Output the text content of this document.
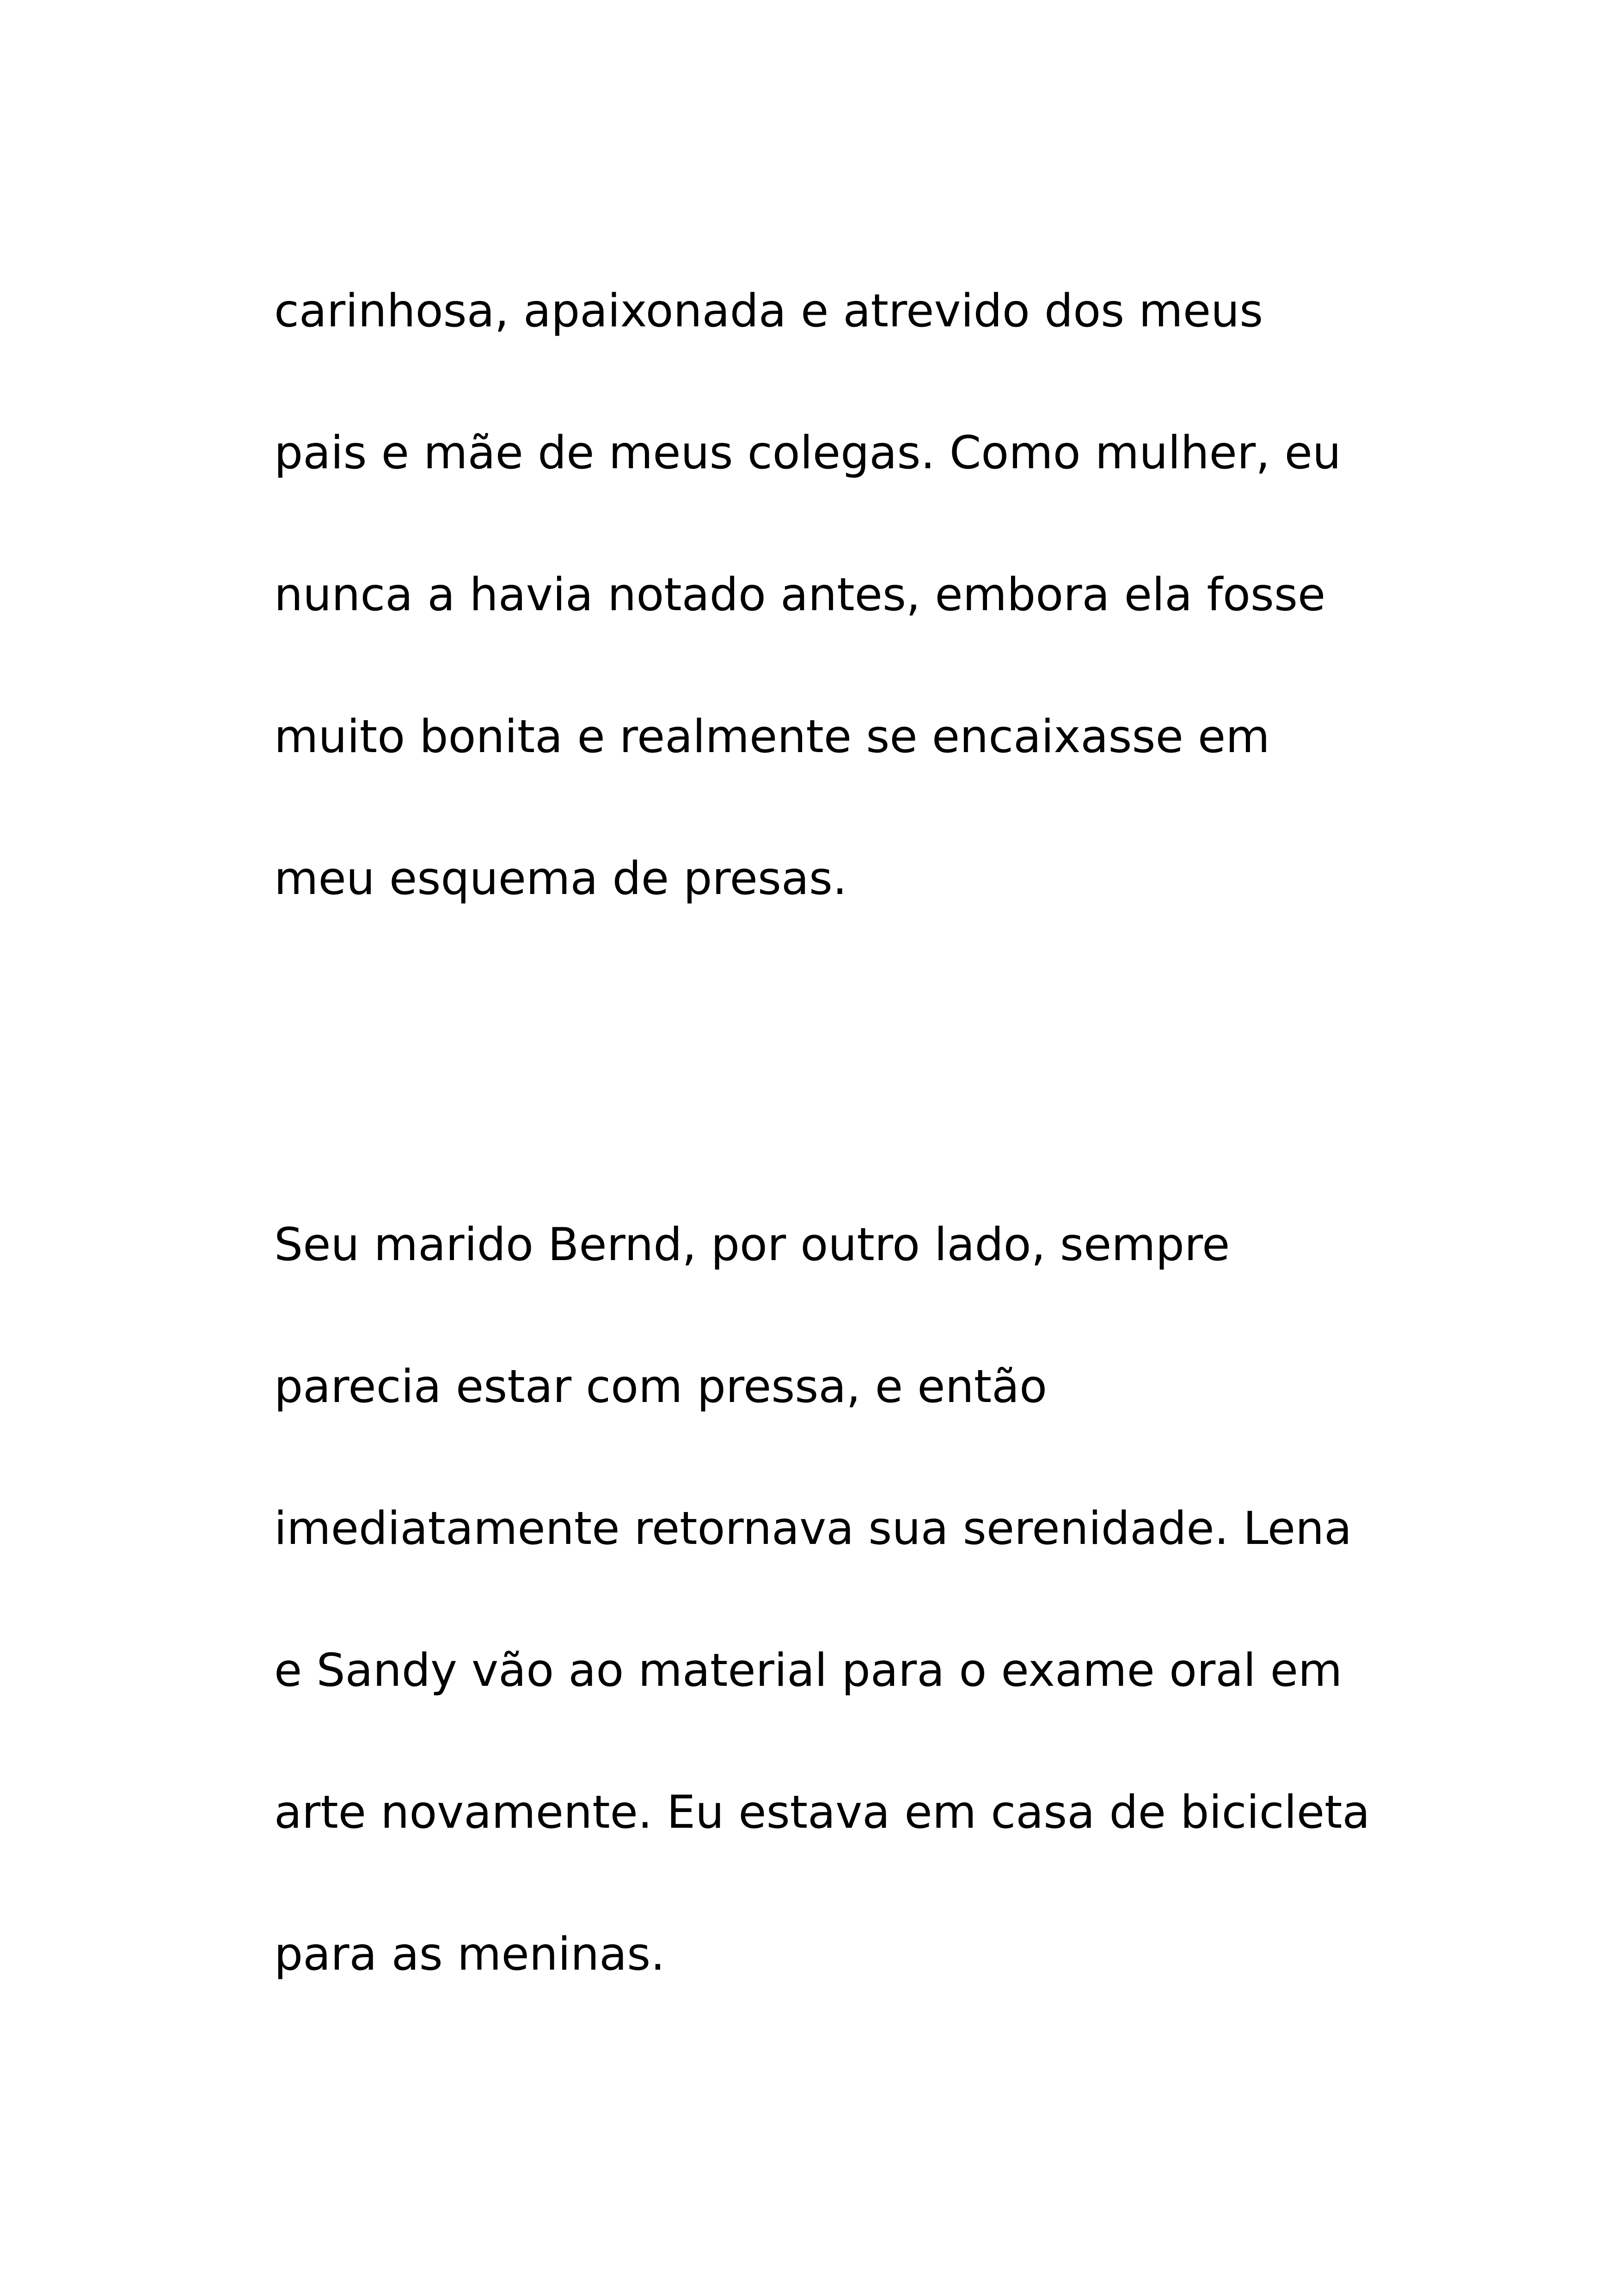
carinhosa, apaixonada e atrevido dos meus
pais e mãe de meus colegas. Como mulher, eu
nunca a havia notado antes, embora ela fosse
muito bonita e realmente se encaixasse em
meu esquema de presas.
Seu marido Bernd, por outro lado, sempre
parecia estar com pressa, e então
imediatamente retornava sua serenidade. Lena
e Sandy vão ao material para o exame oral em
arte novamente. Eu estava em casa de bicicleta
para as meninas.
